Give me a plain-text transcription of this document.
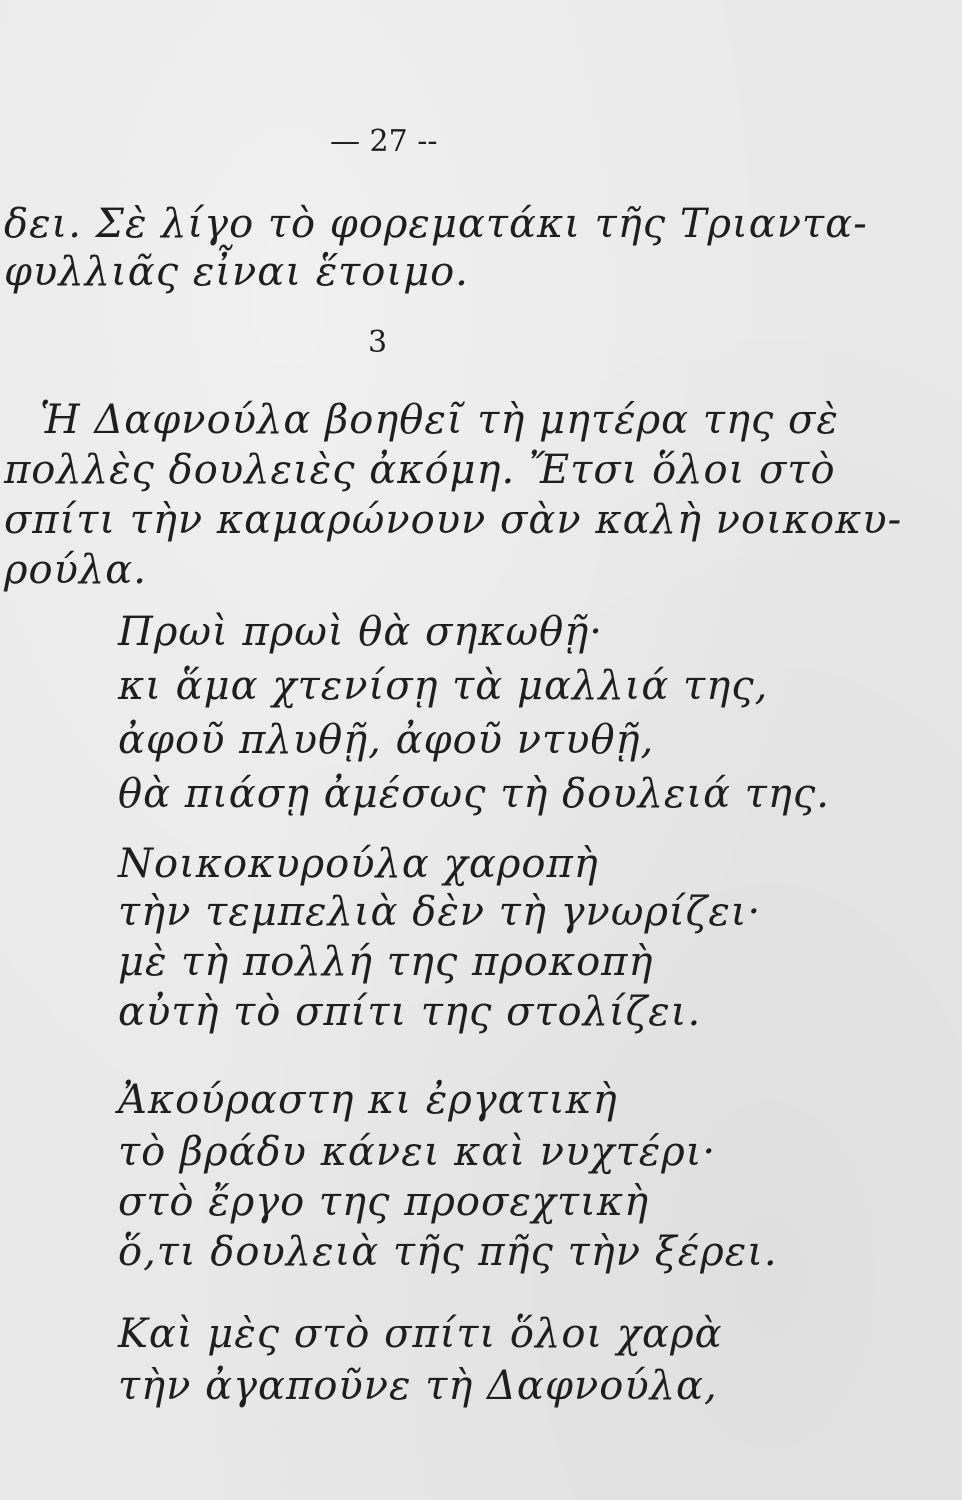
— 27 --
δει. Σὲ λίγο τὸ φορεματάκι τῆς Τριαντα-
φυλλιᾶς εἶναι ἕτοιμο.
3
Ἡ Δαφνούλα βοηθεῖ τὴ μητέρα της σὲ
πολλὲς δουλειὲς ἀκόμη. Ἔτσι ὅλοι στὸ
σπίτι τὴν καμαρώνουν σὰν καλὴ νοικοκυ-
ρούλα.
Πρωὶ πρωὶ θὰ σηκωθῇ·
κι ἅμα χτενίσῃ τὰ μαλλιά της,
ἀφοῦ πλυθῇ, ἀφοῦ ντυθῇ,
θὰ πιάσῃ ἀμέσως τὴ δουλειά της.
Νοικοκυρούλα χαροπὴ
τὴν τεμπελιὰ δὲν τὴ γνωρίζει·
μὲ τὴ πολλή της προκοπὴ
αὐτὴ τὸ σπίτι της στολίζει.
Ἀκούραστη κι ἐργατικὴ
τὸ βράδυ κάνει καὶ νυχτέρι·
στὸ ἔργο της προσεχτικὴ
ὅ,τι δουλειὰ τῆς πῆς τὴν ξέρει.
Καὶ μὲς στὸ σπίτι ὅλοι χαρὰ
τὴν ἀγαποῦνε τὴ Δαφνούλα,
